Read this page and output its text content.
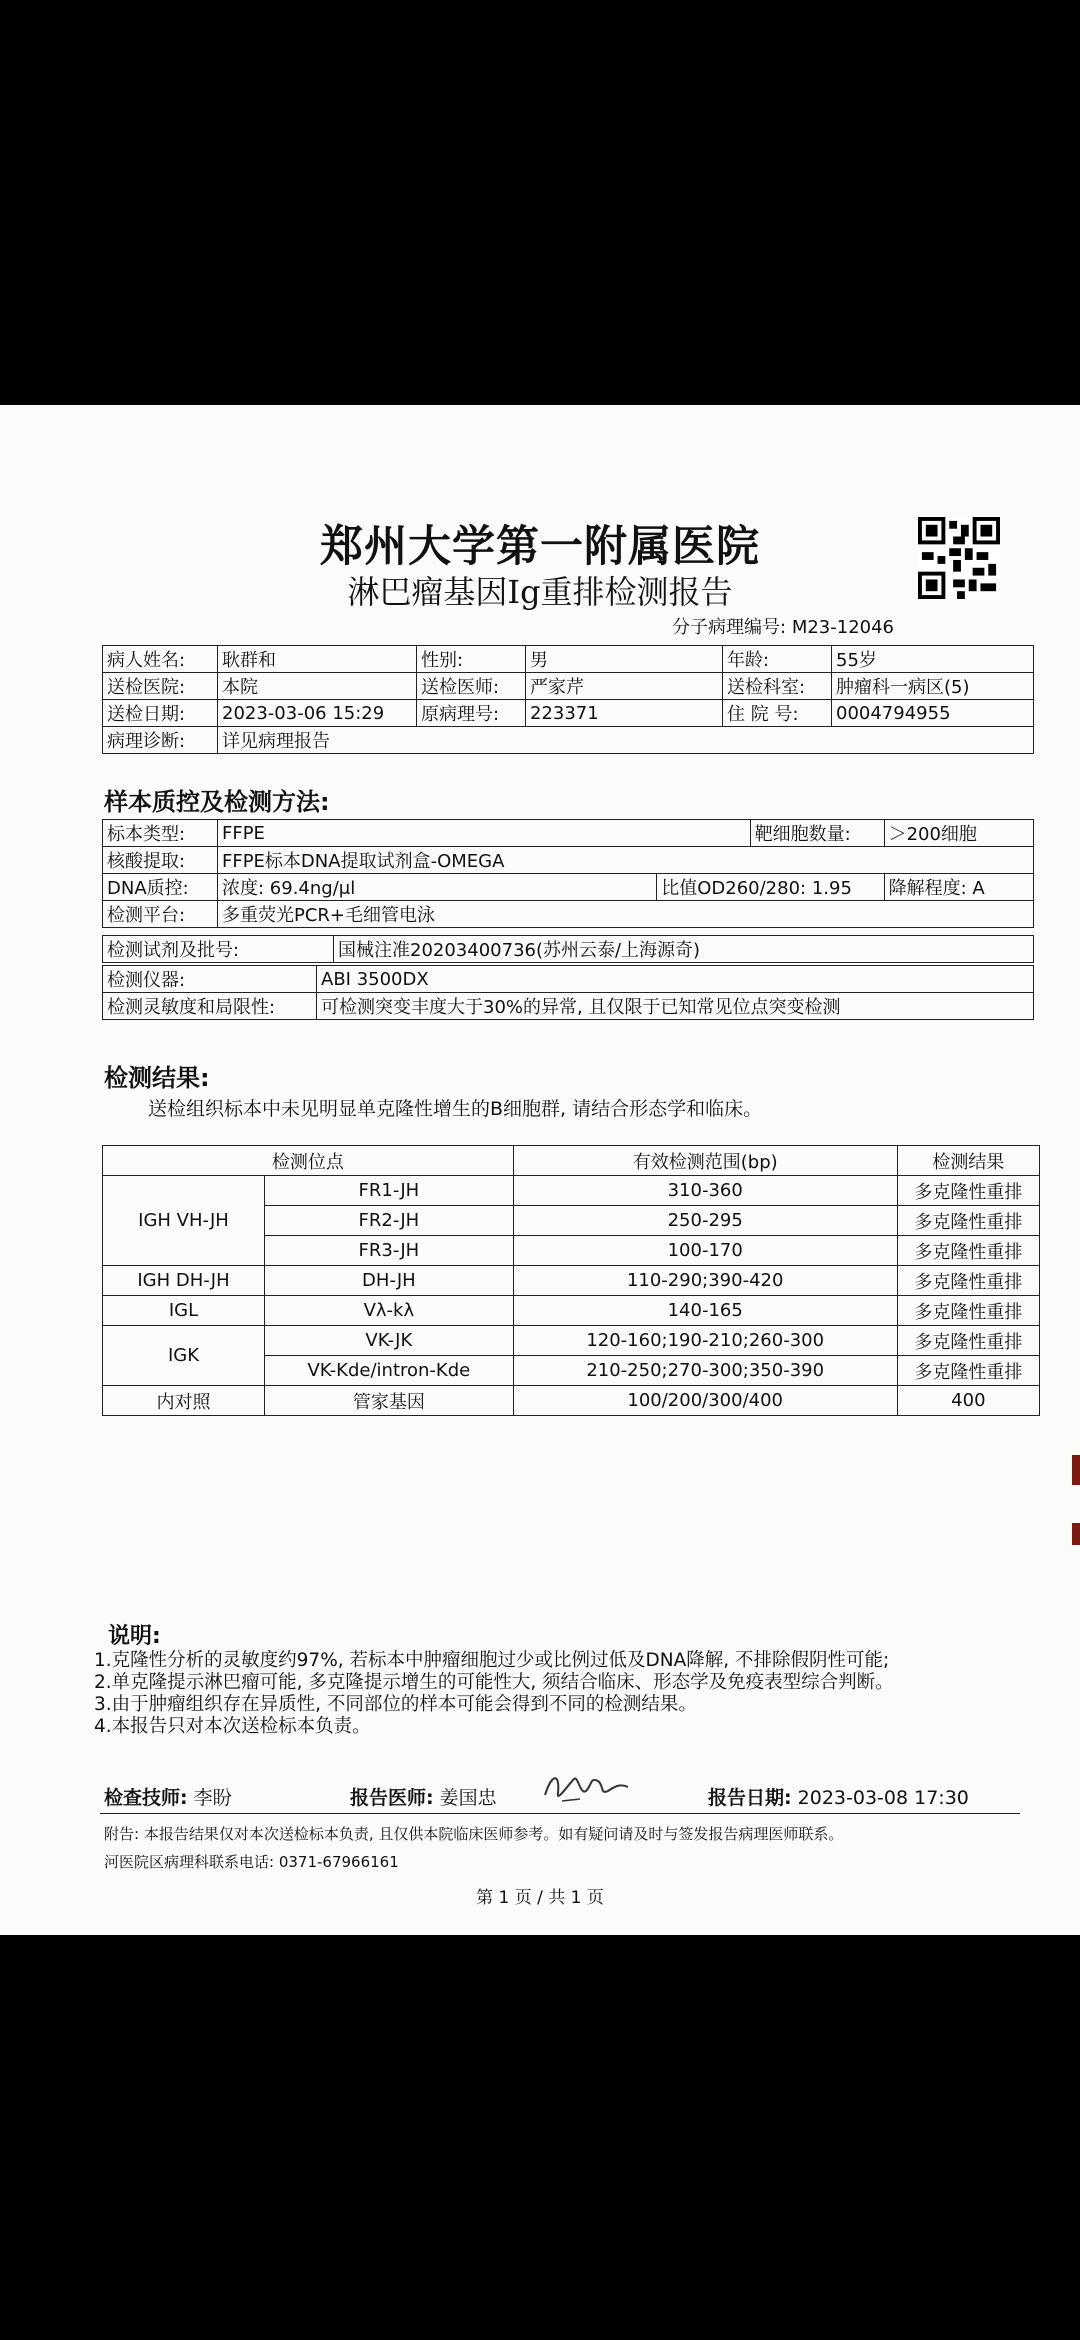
郑州大学第一附属医院
淋巴瘤基因Ig重排检测报告
分子病理编号: M23-12046
病人姓名:	耿群和	性别:	男	年龄:	55岁
送检医院:	本院	送检医师:	严家芹	送检科室:	肿瘤科一病区(5)
送检日期:	2023-03-06 15:29	原病理号:	223371	住 院 号:	0004794955
病理诊断:	详见病理报告				
样本质控及检测方法:
标本类型:	FFPE		靶细胞数量:	＞200细胞
核酸提取:	FFPE标本DNA提取试剂盒-OMEGA			
DNA质控:	浓度: 69.4ng/μl	比值OD260/280: 1.95		降解程度: A
检测平台:	多重荧光PCR+毛细管电泳			
检测试剂及批号:	国械注准20203400736(苏州云泰/上海源奇)
检测仪器:	ABI 3500DX
检测灵敏度和局限性:	可检测突变丰度大于30%的异常, 且仅限于已知常见位点突变检测
检测结果:
送检组织标本中未见明显单克隆性增生的B细胞群, 请结合形态学和临床。
检测位点		有效检测范围(bp)	检测结果
IGH VH-JH	FR1-JH	310-360	多克隆性重排
	FR2-JH	250-295	多克隆性重排
	FR3-JH	100-170	多克隆性重排
IGH DH-JH	DH-JH	110-290;390-420	多克隆性重排
IGL	Vλ-kλ	140-165	多克隆性重排
IGK	VK-JK	120-160;190-210;260-300	多克隆性重排
	VK-Kde/intron-Kde	210-250;270-300;350-390	多克隆性重排
内对照	管家基因	100/200/300/400	400
说明:
1.克隆性分析的灵敏度约97%, 若标本中肿瘤细胞过少或比例过低及DNA降解, 不排除假阴性可能;
2.单克隆提示淋巴瘤可能, 多克隆提示增生的可能性大, 须结合临床、形态学及免疫表型综合判断。
3.由于肿瘤组织存在异质性, 不同部位的样本可能会得到不同的检测结果。
4.本报告只对本次送检标本负责。
检查技师: 李盼	报告医师: 姜国忠	报告日期: 2023-03-08 17:30
附告: 本报告结果仅对本次送检标本负责, 且仅供本院临床医师参考。如有疑问请及时与签发报告病理医师联系。
河医院区病理科联系电话: 0371-67966161
第 1 页 / 共 1 页
